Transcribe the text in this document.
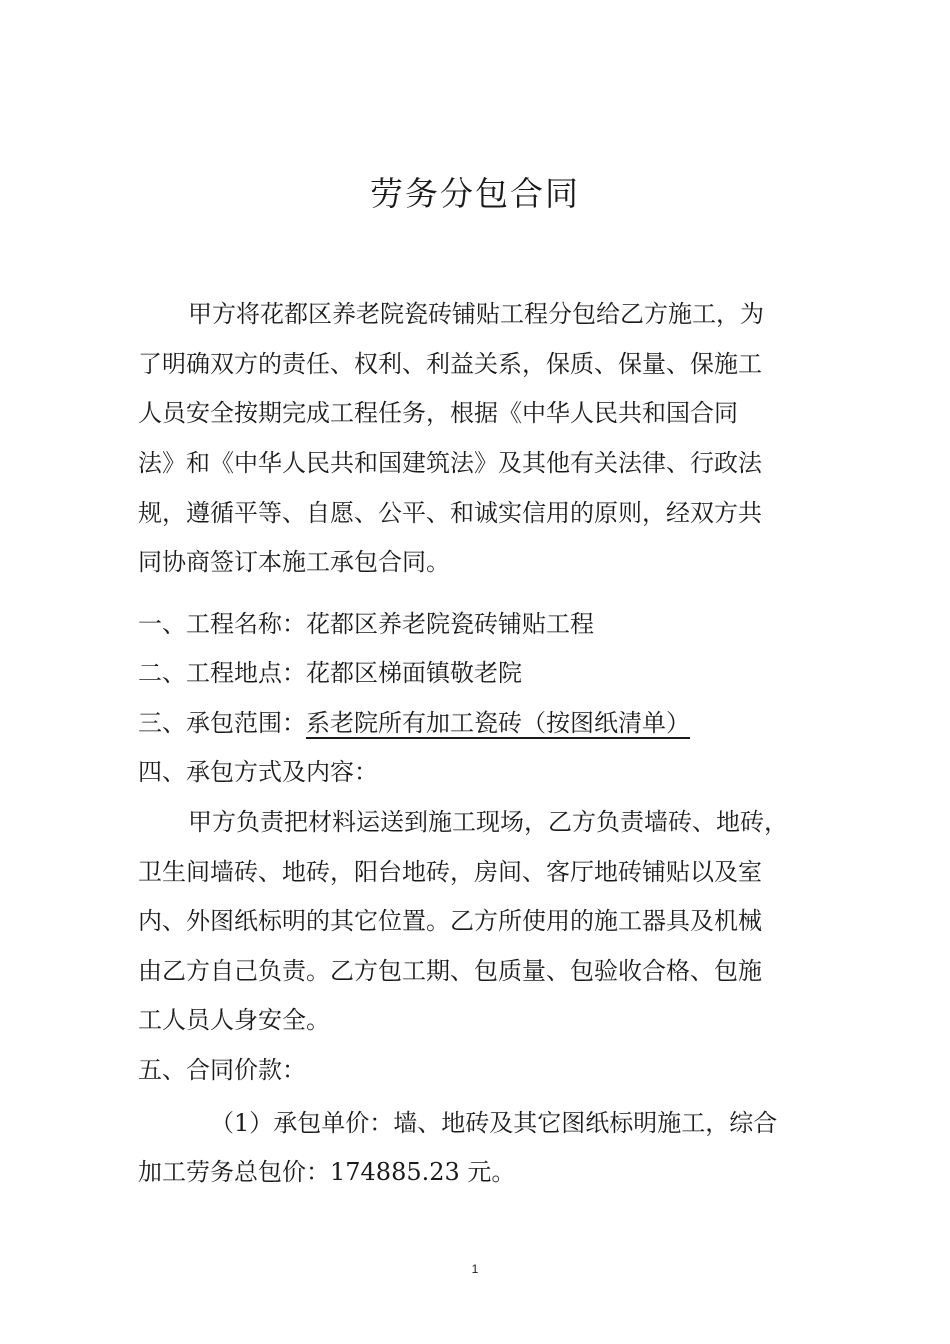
劳务分包合同
甲方将花都区养老院瓷砖铺贴工程分包给乙方施工，为
了明确双方的责任、权利、利益关系，保质、保量、保施工
人员安全按期完成工程任务，根据《中华人民共和国合同
法》和《中华人民共和国建筑法》及其他有关法律、行政法
规，遵循平等、自愿、公平、和诚实信用的原则，经双方共
同协商签订本施工承包合同。
一、工程名称：花都区养老院瓷砖铺贴工程
二、工程地点：花都区梯面镇敬老院
三、承包范围：系老院所有加工瓷砖（按图纸清单）
四、承包方式及内容：
甲方负责把材料运送到施工现场，乙方负责墙砖、地砖，
卫生间墙砖、地砖，阳台地砖，房间、客厅地砖铺贴以及室
内、外图纸标明的其它位置。乙方所使用的施工器具及机械
由乙方自己负责。乙方包工期、包质量、包验收合格、包施
工人员人身安全。
五、合同价款：
（1）承包单价：墙、地砖及其它图纸标明施工，综合
加工劳务总包价：174885.23 元。
1
